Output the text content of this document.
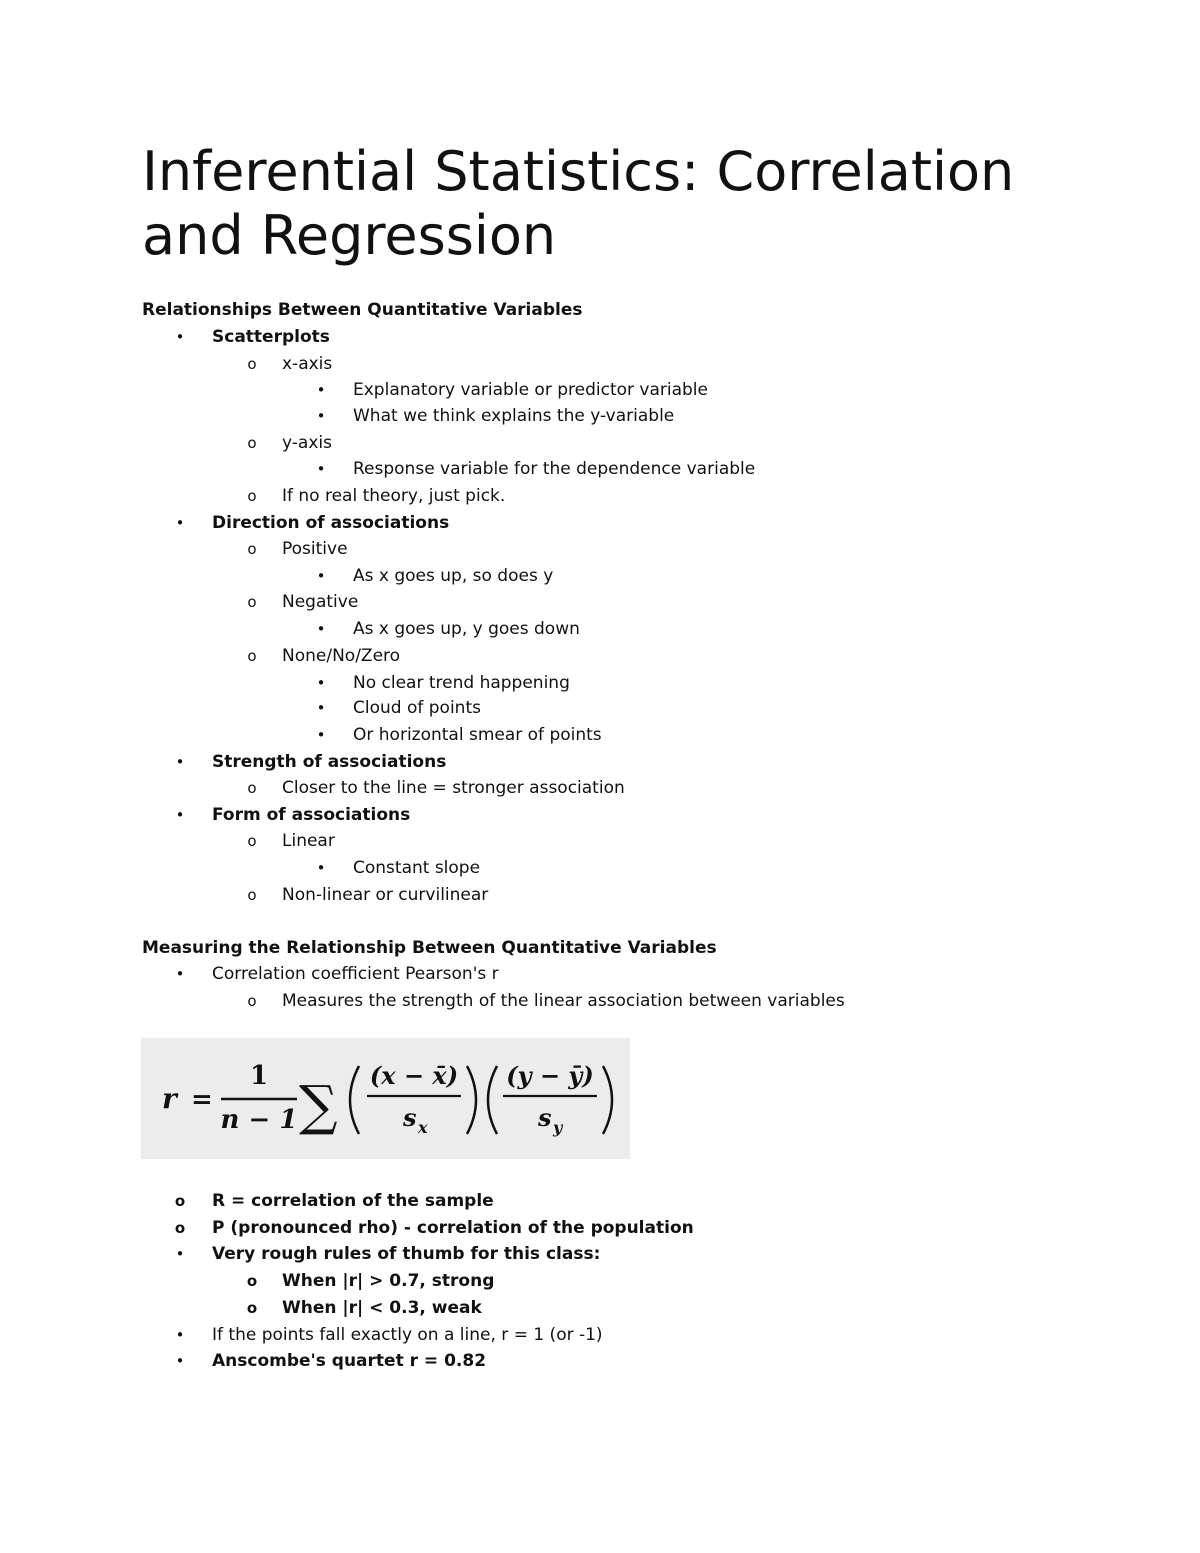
Inferential Statistics: Correlation and Regression
Relationships Between Quantitative Variables
• Scatterplots
o x-axis
• Explanatory variable or predictor variable
• What we think explains the y-variable
o y-axis
• Response variable for the dependence variable
o If no real theory, just pick.
• Direction of associations
o Positive
• As x goes up, so does y
o Negative
• As x goes up, y goes down
o None/No/Zero
• No clear trend happening
• Cloud of points
• Or horizontal smear of points
• Strength of associations
o Closer to the line = stronger association
• Form of associations
o Linear
• Constant slope
o Non-linear or curvilinear
Measuring the Relationship Between Quantitative Variables
• Correlation coefficient Pearson's r
o Measures the strength of the linear association between variables
r =
1
n − 1 ∑ (x − x̄)
s x
(y − ȳ)
s y
o R = correlation of the sample
o P (pronounced rho) - correlation of the population
• Very rough rules of thumb for this class:
o When |r| > 0.7, strong
o When |r| < 0.3, weak
• If the points fall exactly on a line, r = 1 (or -1)
• Anscombe's quartet r = 0.82
